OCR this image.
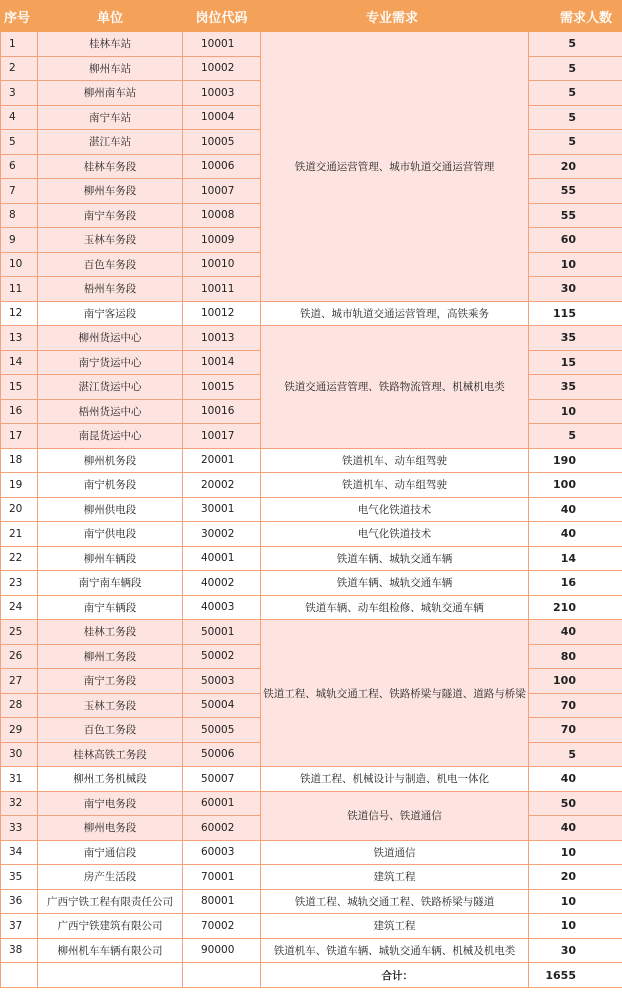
序号	单位	岗位代码	专业需求	需求人数
1	桂林车站	10001	铁道交通运营管理、城市轨道交通运营管理	5
2	柳州车站	10002		5
3	柳州南车站	10003		5
4	南宁车站	10004		5
5	湛江车站	10005		5
6	桂林车务段	10006		20
7	柳州车务段	10007		55
8	南宁车务段	10008		55
9	玉林车务段	10009		60
10	百色车务段	10010		10
11	梧州车务段	10011		30
12	南宁客运段	10012	铁道、城市轨道交通运营管理，高铁乘务	115
13	柳州货运中心	10013	铁道交通运营管理、铁路物流管理、机械机电类	35
14	南宁货运中心	10014		15
15	湛江货运中心	10015		35
16	梧州货运中心	10016		10
17	南昆货运中心	10017		5
18	柳州机务段	20001	铁道机车、动车组驾驶	190
19	南宁机务段	20002	铁道机车、动车组驾驶	100
20	柳州供电段	30001	电气化铁道技术	40
21	南宁供电段	30002	电气化铁道技术	40
22	柳州车辆段	40001	铁道车辆、城轨交通车辆	14
23	南宁南车辆段	40002	铁道车辆、城轨交通车辆	16
24	南宁车辆段	40003	铁道车辆、动车组检修、城轨交通车辆	210
25	桂林工务段	50001	铁道工程、城轨交通工程、铁路桥梁与隧道、道路与桥梁	40
26	柳州工务段	50002		80
27	南宁工务段	50003		100
28	玉林工务段	50004		70
29	百色工务段	50005		70
30	桂林高铁工务段	50006		5
31	柳州工务机械段	50007	铁道工程、机械设计与制造、机电一体化	40
32	南宁电务段	60001	铁道信号、铁道通信	50
33	柳州电务段	60002		40
34	南宁通信段	60003	铁道通信	10
35	房产生活段	70001	建筑工程	20
36	广西宁铁工程有限责任公司	80001	铁道工程、城轨交通工程、铁路桥梁与隧道	10
37	广西宁铁建筑有限公司	70002	建筑工程	10
38	柳州机车车辆有限公司	90000	铁道机车、铁道车辆、城轨交通车辆、机械及机电类	30
			合计：	1655
